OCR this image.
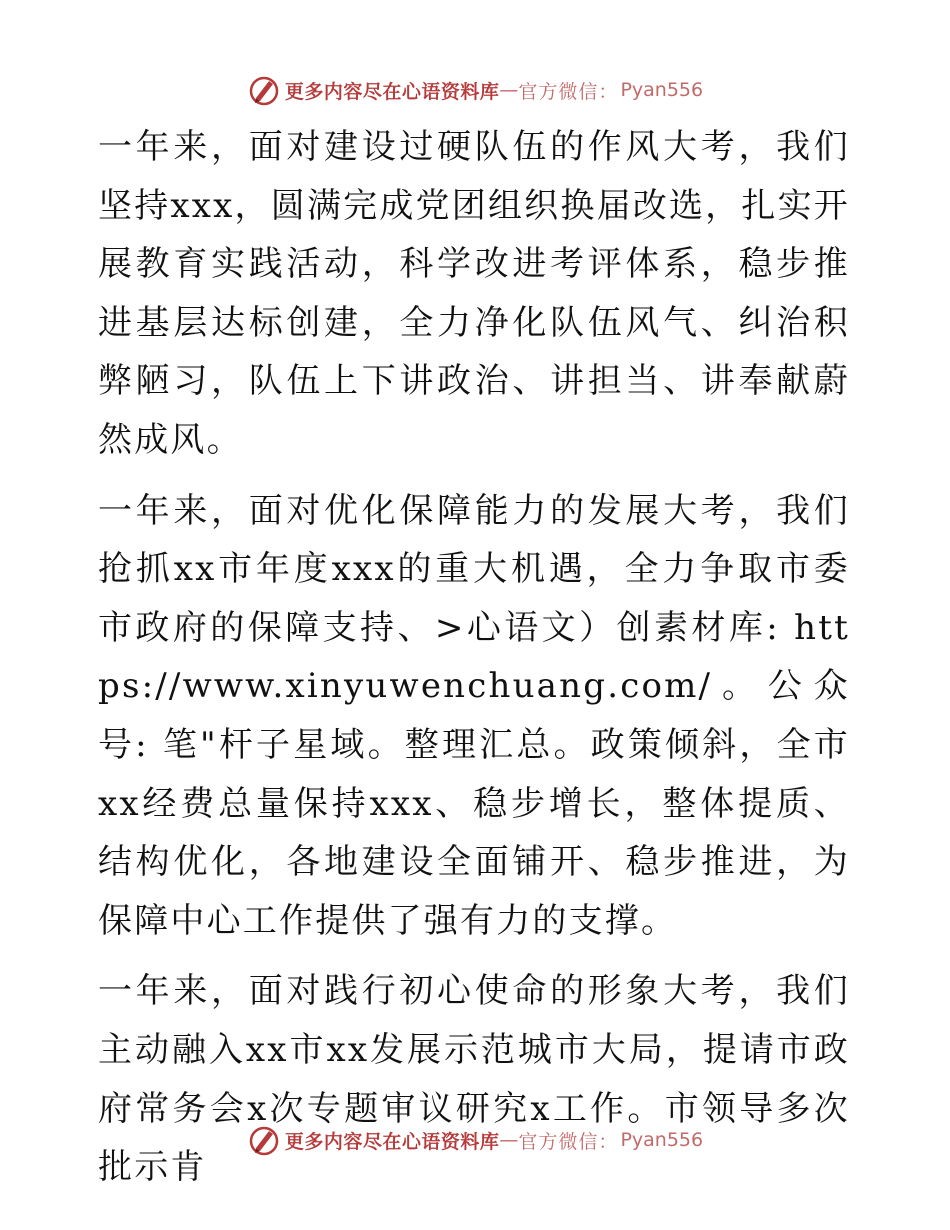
更多内容尽在心语资料库 — 官方微信： Pyan556

一年来，面对建设过硬队伍的作风大考，我们坚持xxx，圆满完成党团组织换届改选，扎实开展教育实践活动，科学改进考评体系，稳步推进基层达标创建，全力净化队伍风气、纠治积弊陋习，队伍上下讲政治、讲担当、讲奉献蔚然成风。

一年来，面对优化保障能力的发展大考，我们抢抓xx市年度xxx的重大机遇，全力争取市委市政府的保障支持、>心语文）创素材库: https://www.xinyuwenchuang.com/。公众号: 笔"杆子星域。整理汇总。政策倾斜，全市xx经费总量保持xxx、稳步增长，整体提质、结构优化，各地建设全面铺开、稳步推进，为保障中心工作提供了强有力的支撑。

一年来，面对践行初心使命的形象大考，我们主动融入xx市xx发展示范城市大局，提请市政府常务会x次专题审议研究x工作。市领导多次批示肯

更多内容尽在心语资料库 — 官方微信： Pyan556
